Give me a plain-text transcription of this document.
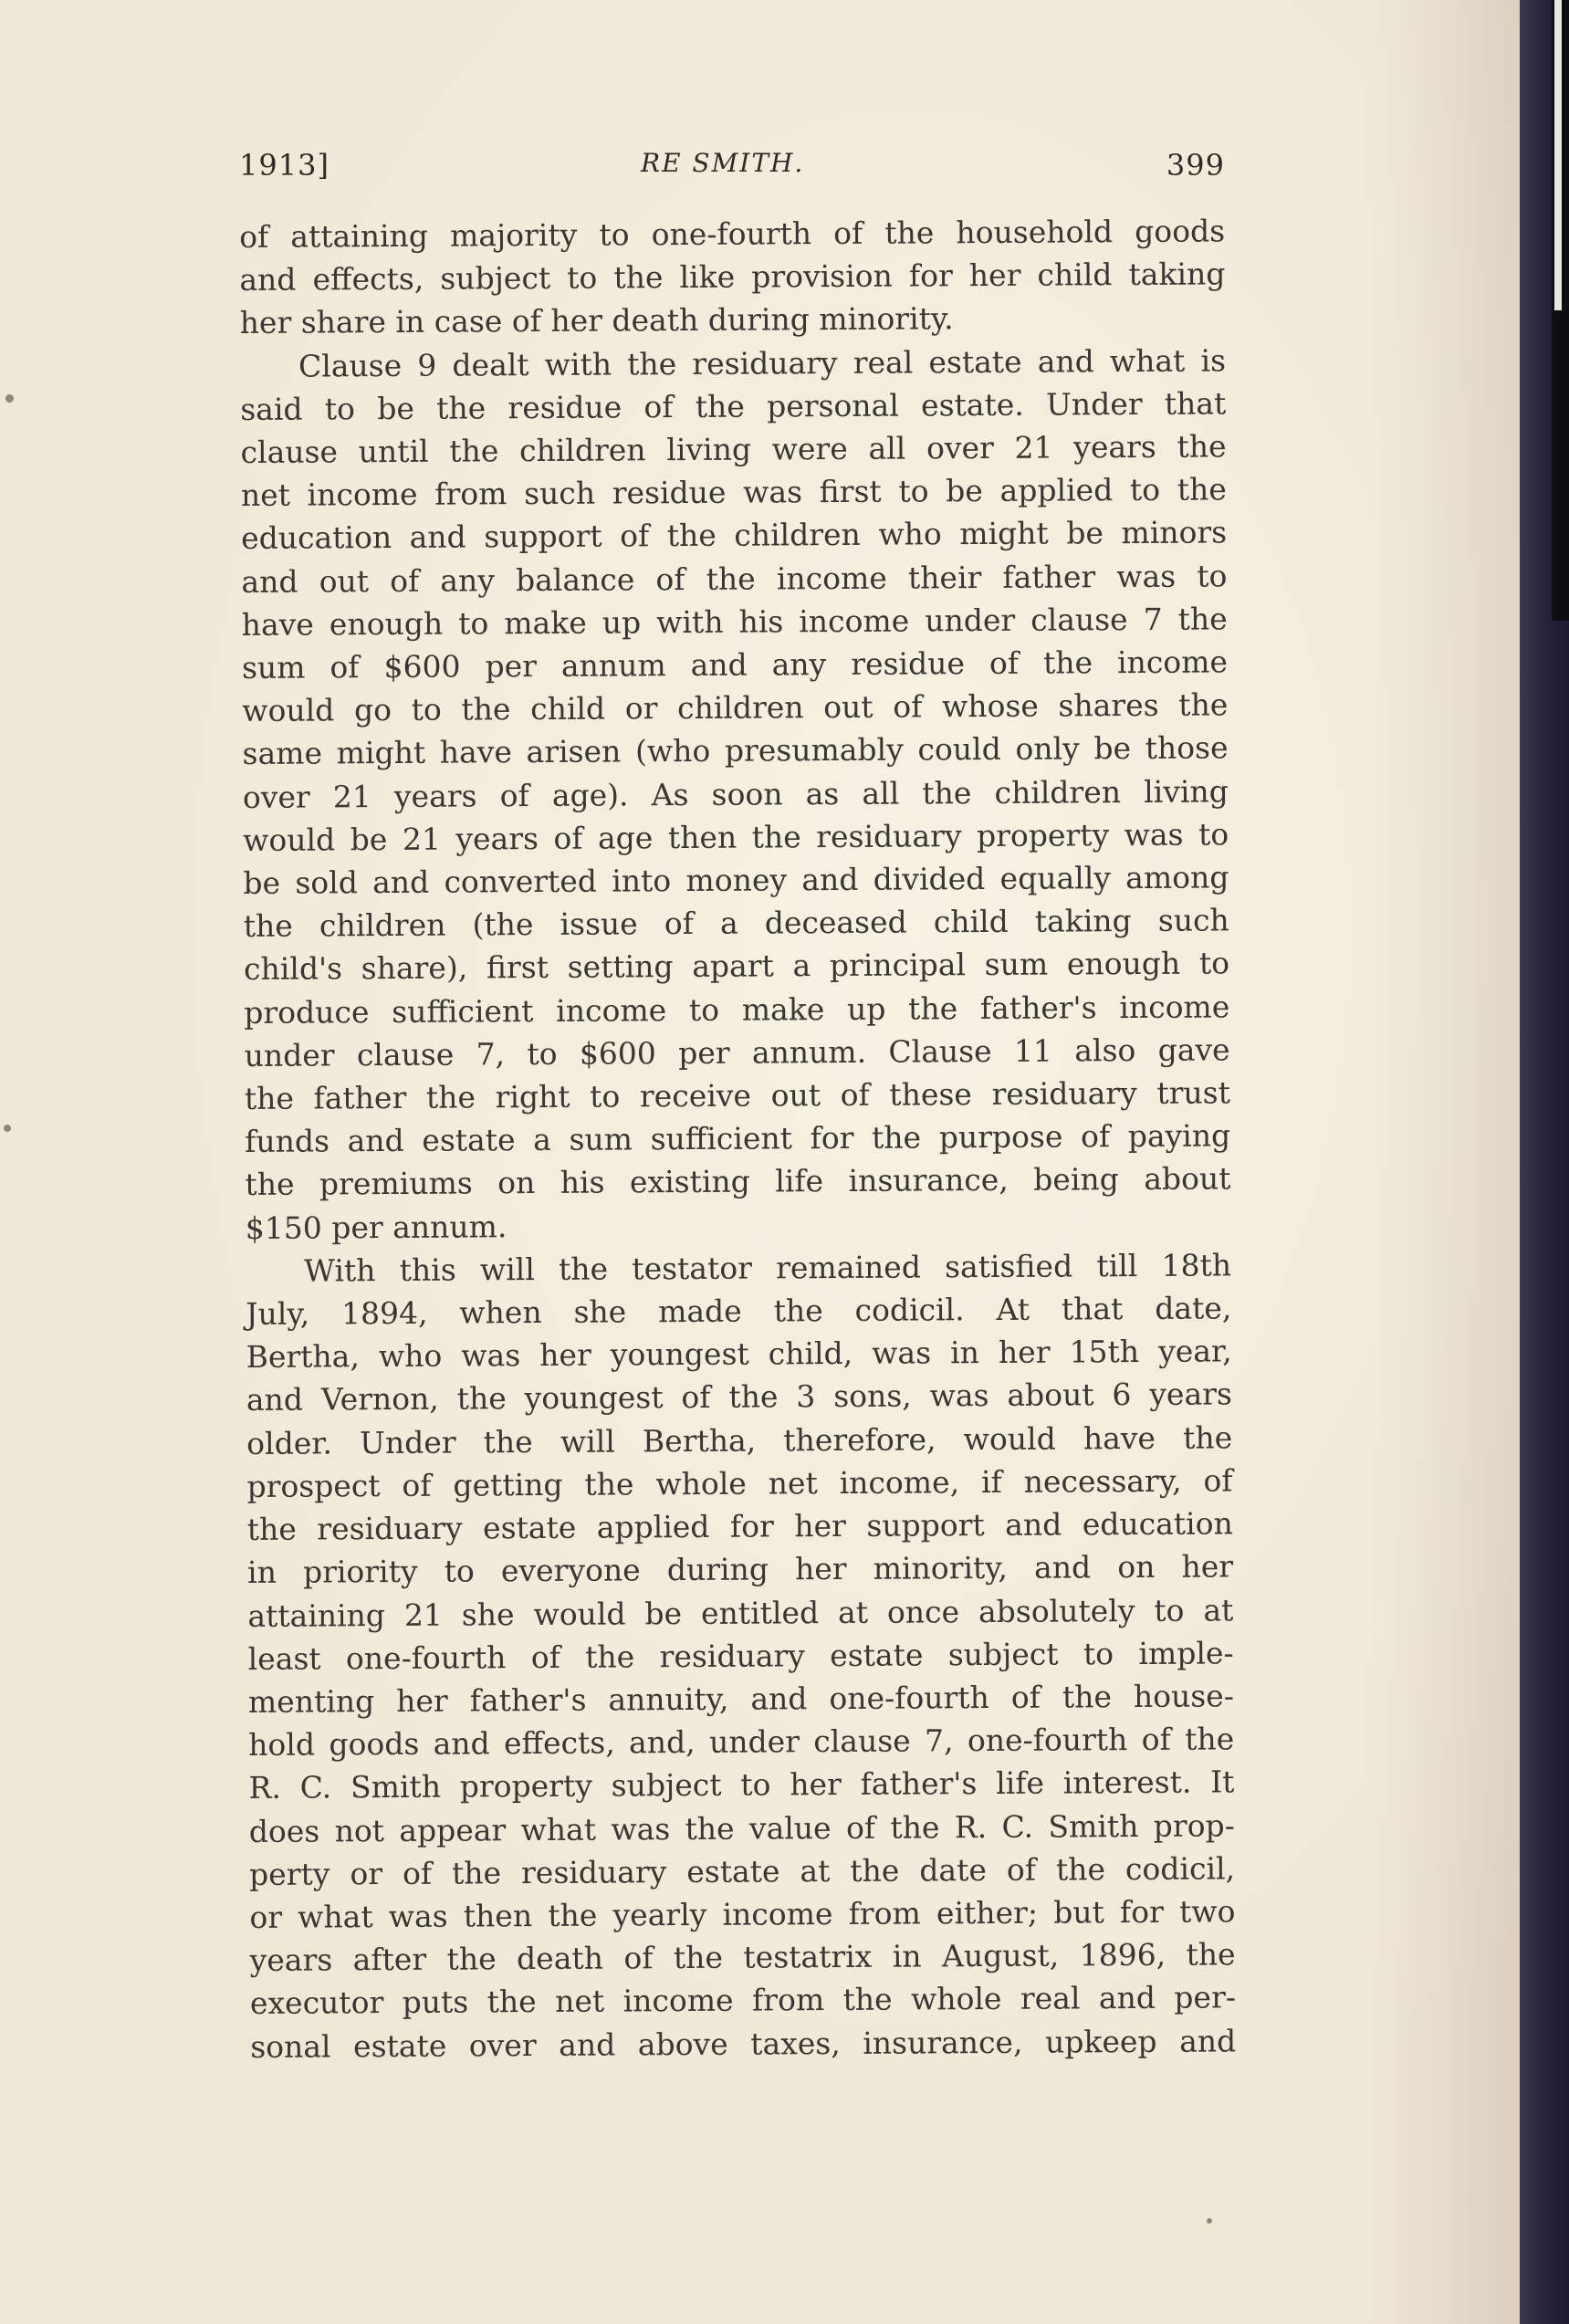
1913]	RE SMITH.	399
of attaining majority to one-fourth of the household goods
and effects, subject to the like provision for her child taking
her share in case of her death during minority.
Clause 9 dealt with the residuary real estate and what is
said to be the residue of the personal estate. Under that
clause until the children living were all over 21 years the
net income from such residue was first to be applied to the
education and support of the children who might be minors
and out of any balance of the income their father was to
have enough to make up with his income under clause 7 the
sum of $600 per annum and any residue of the income
would go to the child or children out of whose shares the
same might have arisen (who presumably could only be those
over 21 years of age). As soon as all the children living
would be 21 years of age then the residuary property was to
be sold and converted into money and divided equally among
the children (the issue of a deceased child taking such
child's share), first setting apart a principal sum enough to
produce sufficient income to make up the father's income
under clause 7, to $600 per annum. Clause 11 also gave
the father the right to receive out of these residuary trust
funds and estate a sum sufficient for the purpose of paying
the premiums on his existing life insurance, being about
$150 per annum.
With this will the testator remained satisfied till 18th
July, 1894, when she made the codicil. At that date,
Bertha, who was her youngest child, was in her 15th year,
and Vernon, the youngest of the 3 sons, was about 6 years
older. Under the will Bertha, therefore, would have the
prospect of getting the whole net income, if necessary, of
the residuary estate applied for her support and education
in priority to everyone during her minority, and on her
attaining 21 she would be entitled at once absolutely to at
least one-fourth of the residuary estate subject to imple-
menting her father's annuity, and one-fourth of the house-
hold goods and effects, and, under clause 7, one-fourth of the
R. C. Smith property subject to her father's life interest. It
does not appear what was the value of the R. C. Smith prop-
perty or of the residuary estate at the date of the codicil,
or what was then the yearly income from either; but for two
years after the death of the testatrix in August, 1896, the
executor puts the net income from the whole real and per-
sonal estate over and above taxes, insurance, upkeep and
